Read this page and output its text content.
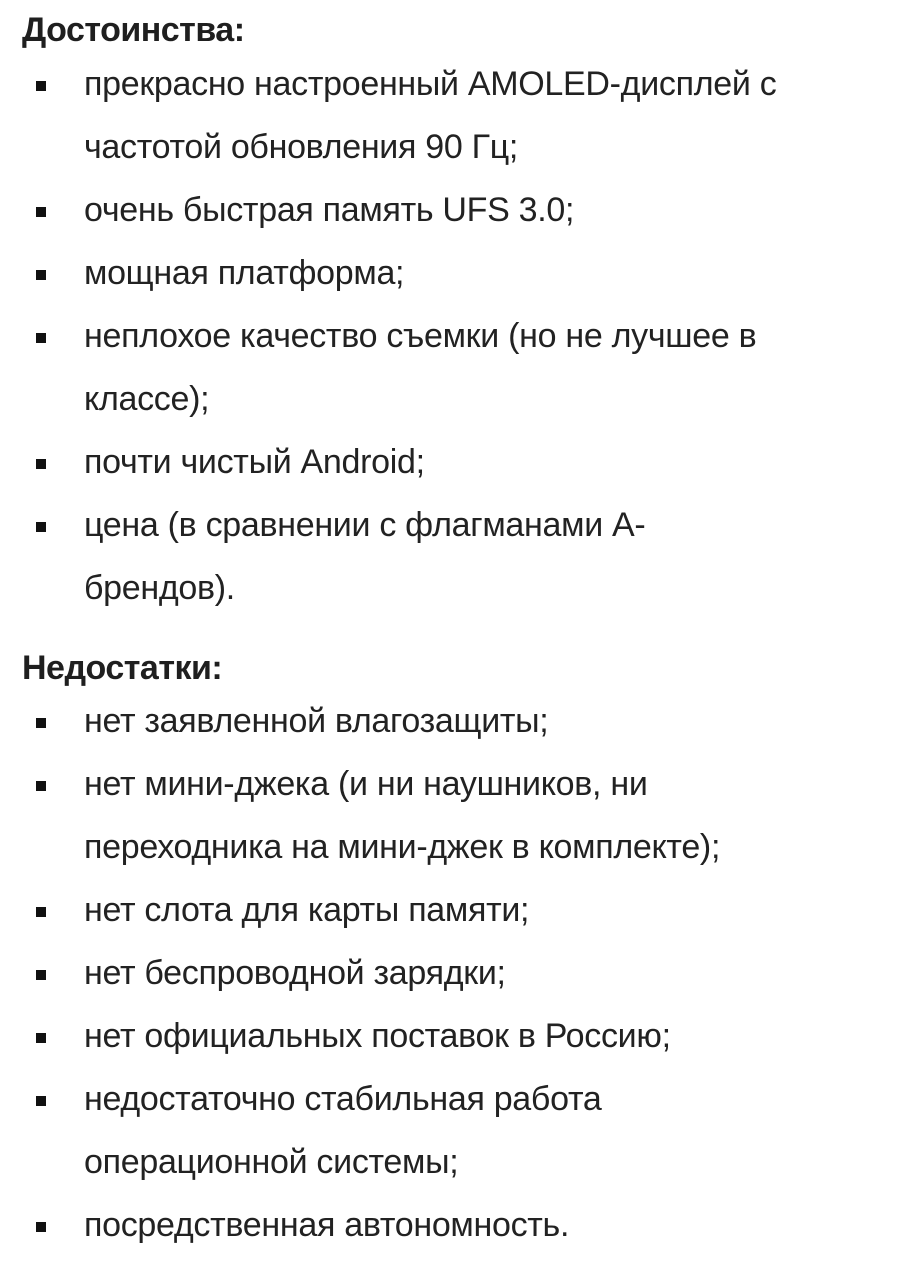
Достоинства:
прекрасно настроенный AMOLED-дисплей с частотой обновления 90 Гц;
очень быстрая память UFS 3.0;
мощная платформа;
неплохое качество съемки (но не лучшее в классе);
почти чистый Android;
цена (в сравнении с флагманами А-брендов).
Недостатки:
нет заявленной влагозащиты;
нет мини-джека (и ни наушников, ни переходника на мини-джек в комплекте);
нет слота для карты памяти;
нет беспроводной зарядки;
нет официальных поставок в Россию;
недостаточно стабильная работа операционной системы;
посредственная автономность.
